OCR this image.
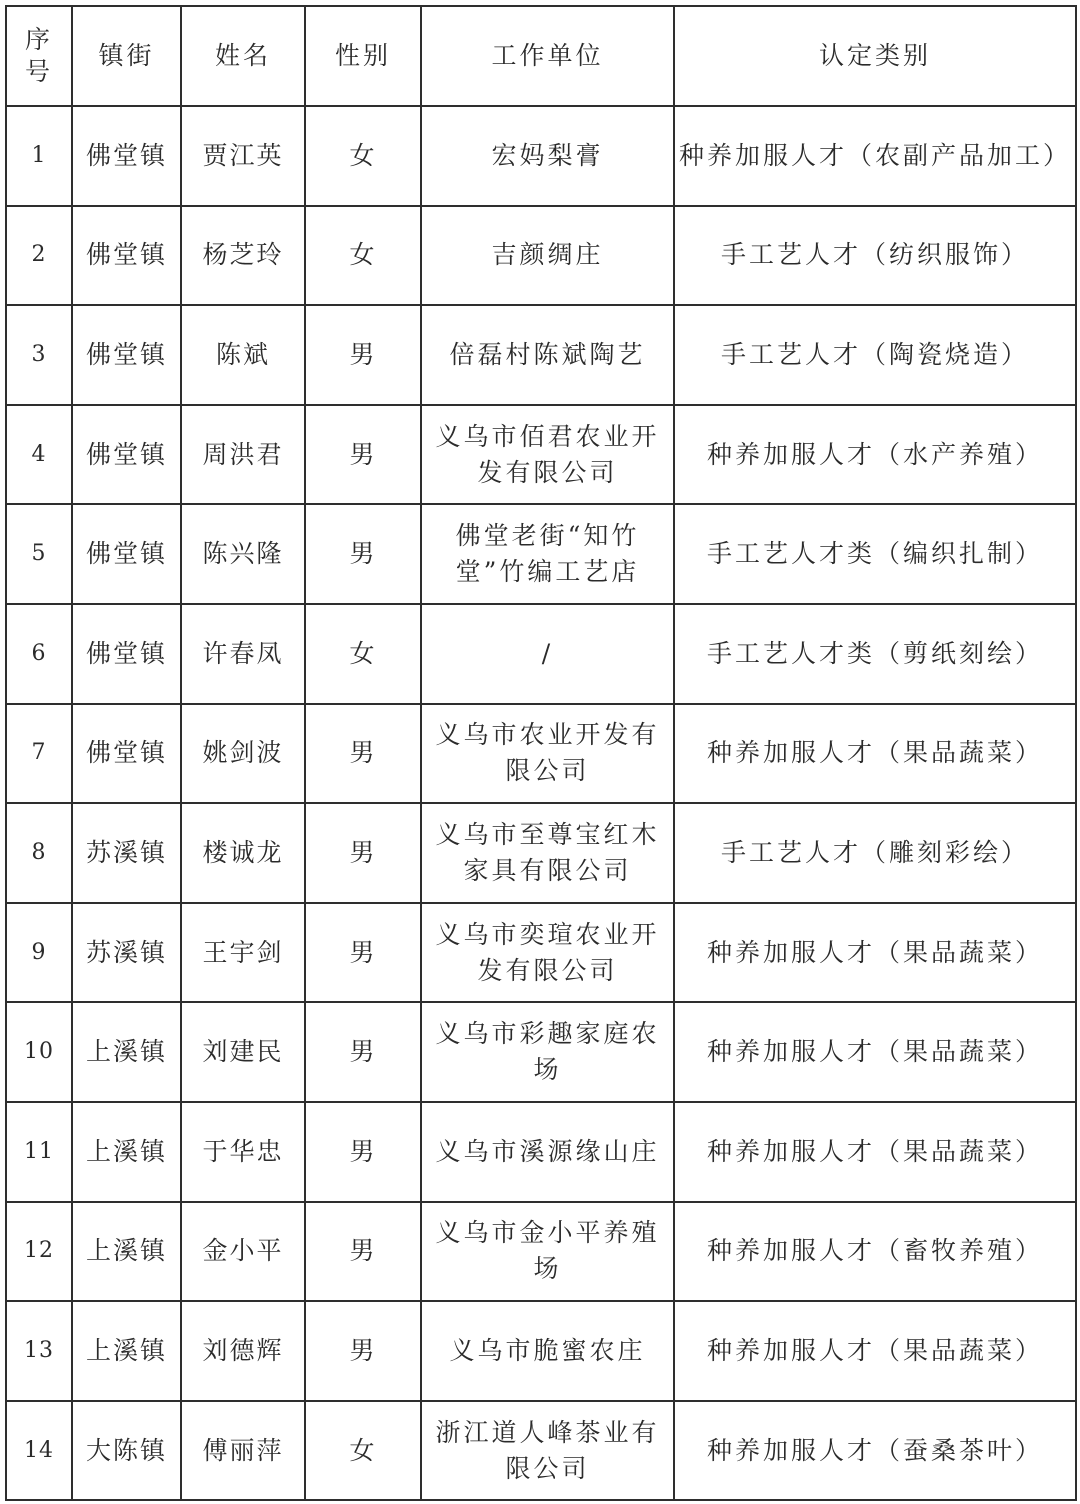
序号	镇街	姓名	性别	工作单位	认定类别
1	佛堂镇	贾江英	女	宏妈梨膏	种养加服人才（农副产品加工）
2	佛堂镇	杨芝玲	女	吉颜绸庄	手工艺人才（纺织服饰）
3	佛堂镇	陈斌	男	倍磊村陈斌陶艺	手工艺人才（陶瓷烧造）
4	佛堂镇	周洪君	男	义乌市佰君农业开发有限公司	种养加服人才（水产养殖）
5	佛堂镇	陈兴隆	男	佛堂老街“知竹堂”竹编工艺店	手工艺人才类（编织扎制）
6	佛堂镇	许春凤	女	/	手工艺人才类（剪纸刻绘）
7	佛堂镇	姚剑波	男	义乌市农业开发有限公司	种养加服人才（果品蔬菜）
8	苏溪镇	楼诚龙	男	义乌市至尊宝红木家具有限公司	手工艺人才（雕刻彩绘）
9	苏溪镇	王宇剑	男	义乌市奕瑄农业开发有限公司	种养加服人才（果品蔬菜）
10	上溪镇	刘建民	男	义乌市彩趣家庭农场	种养加服人才（果品蔬菜）
11	上溪镇	于华忠	男	义乌市溪源缘山庄	种养加服人才（果品蔬菜）
12	上溪镇	金小平	男	义乌市金小平养殖场	种养加服人才（畜牧养殖）
13	上溪镇	刘德辉	男	义乌市脆蜜农庄	种养加服人才（果品蔬菜）
14	大陈镇	傅丽萍	女	浙江道人峰茶业有限公司	种养加服人才（蚕桑茶叶）
